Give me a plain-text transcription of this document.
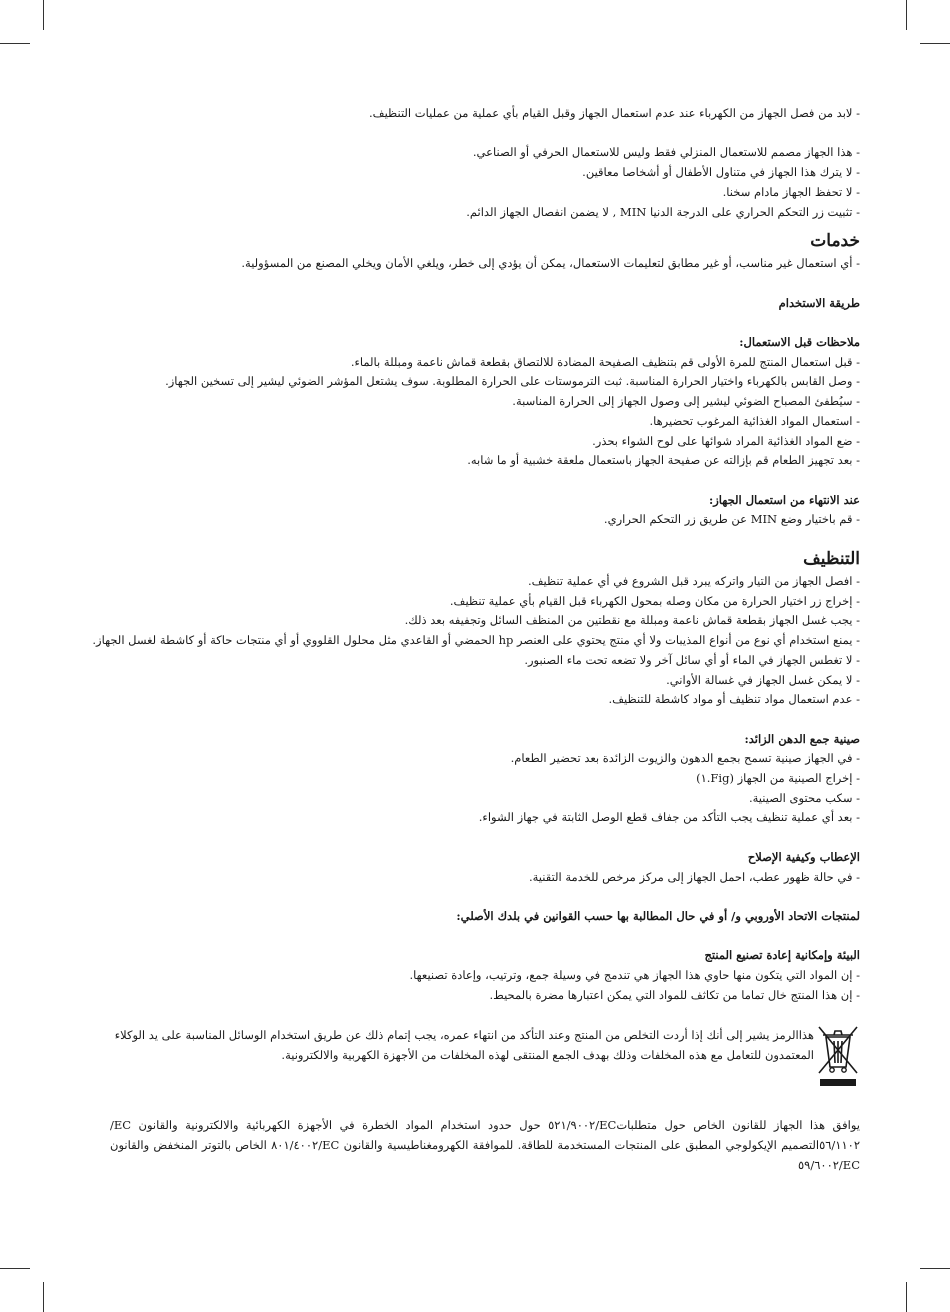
- لابد من فصل الجهاز من الكهرباء عند عدم استعمال الجهاز وقبل القيام بأي عملية من عمليات التنظيف.

- هذا الجهاز مصمم للاستعمال المنزلي فقط وليس للاستعمال الحرفي أو الصناعي.

- لا يترك هذا الجهاز في متناول الأطفال أو أشخاصا معاقين.

- لا تحفظ الجهاز مادام سخنا.

- تثبيت زر التحكم الحراري على الدرجة الدنيا MIN , لا يضمن انفصال الجهاز الدائم.

خدمات

- أي استعمال غير مناسب، أو غير مطابق لتعليمات الاستعمال، يمكن أن يؤدي إلى خطر، ويلغي الأمان ويخلي المصنع من المسؤولية.

طريقة الاستخدام

ملاحظات قبل الاستعمال:

- قبل استعمال المنتج للمرة الأولى قم بتنظيف الصفيحة المضادة للالتصاق بقطعة قماش ناعمة ومبللة بالماء.

- وصل القابس بالكهرباء واختيار الحرارة المناسبة. ثبت الترموستات على الحرارة المطلوبة. سوف يشتعل المؤشر الضوئي ليشير إلى تسخين الجهاز.

- سيُطفئ المصباح الضوئي ليشير إلى وصول الجهاز إلى الحرارة المناسبة.

- استعمال المواد الغذائية المرغوب تحضيرها.

- ضع المواد الغذائية المراد شوائها على لوح الشواء بحذر.

- بعد تجهيز الطعام قم بإزالته عن صفيحة الجهاز باستعمال ملعقة خشبية أو ما شابه.

عند الانتهاء من استعمال الجهاز:

- قم باختيار وضع MIN عن طريق زر التحكم الحراري.

التنظيف

- افصل الجهاز من التيار واتركه يبرد قبل الشروع في أي عملية تنظيف.

- إخراج زر اختيار الحرارة من مكان وصله بمحول الكهرباء قبل القيام بأي عملية تنظيف.

- يجب غسل الجهاز بقطعة قماش ناعمة ومبللة مع نقطتين من المنظف السائل وتجفيفه بعد ذلك.

- يمنع استخدام أي نوع من أنواع المذيبات ولا أي منتج يحتوي على العنصر hp الحمضي أو القاعدي مثل محلول القلووي أو أي منتجات حاكة أو كاشطة لغسل الجهاز.

- لا تغطس الجهاز في الماء أو أي سائل آخر ولا تضعه تحت ماء الصنبور.

- لا يمكن غسل الجهاز في غسالة الأواني.

- عدم استعمال مواد تنظيف أو مواد كاشطة للتنظيف.

صينية جمع الدهن الزائد:

- في الجهاز صينية تسمح بجمع الدهون والزيوت الزائدة بعد تحضير الطعام.

- إخراج الصينية من الجهاز (Fig.١)

- سكب محتوى الصينية.

- بعد أي عملية تنظيف يجب التأكد من جفاف قطع الوصل الثابتة في جهاز الشواء.

الإعطاب وكيفية الإصلاح

- في حالة ظهور عطب، احمل الجهاز إلى مركز مرخص للخدمة التقنية.

لمنتجات الاتحاد الأوروبي و/ أو في حال المطالبة بها حسب القوانين في بلدك الأصلي:

البيئة وإمكانية إعادة تصنيع المنتج

- إن المواد التي يتكون منها حاوي هذا الجهاز هي تندمج في وسيلة جمع، وترتيب، وإعادة تصنيعها.

- إن هذا المنتج خال تماما من تكاثف للمواد التي يمكن اعتبارها مضرة بالمحيط.

هذاالرمز يشير إلى أنك إذا أردت التخلص من المنتج وعند التأكد من انتهاء عمره، يجب إتمام ذلك عن طريق استخدام الوسائل المناسبة على يد الوكلاء المعتمدون للتعامل مع هذه المخلفات وذلك بهدف الجمع المنتقى لهذه المخلفات من الأجهزة الكهربية والالكترونية.
يوافق هذا الجهاز للقانون الخاص حول متطلباتEC/٥٢١/٩٠٠٢ حول حدود استخدام المواد الخطرة في الأجهزة الكهربائية والالكترونية والقانون EC/٥٦/١١٠٢التصميم الإيكولوجي المطبق على المنتجات المستخدمة للطاقة. للموافقة الكهرومغناطيسية والقانون EC/٨٠١/٤٠٠٢ الخاص بالتوتر المنخفض والقانون EC/٥٩/٦٠٠٢
